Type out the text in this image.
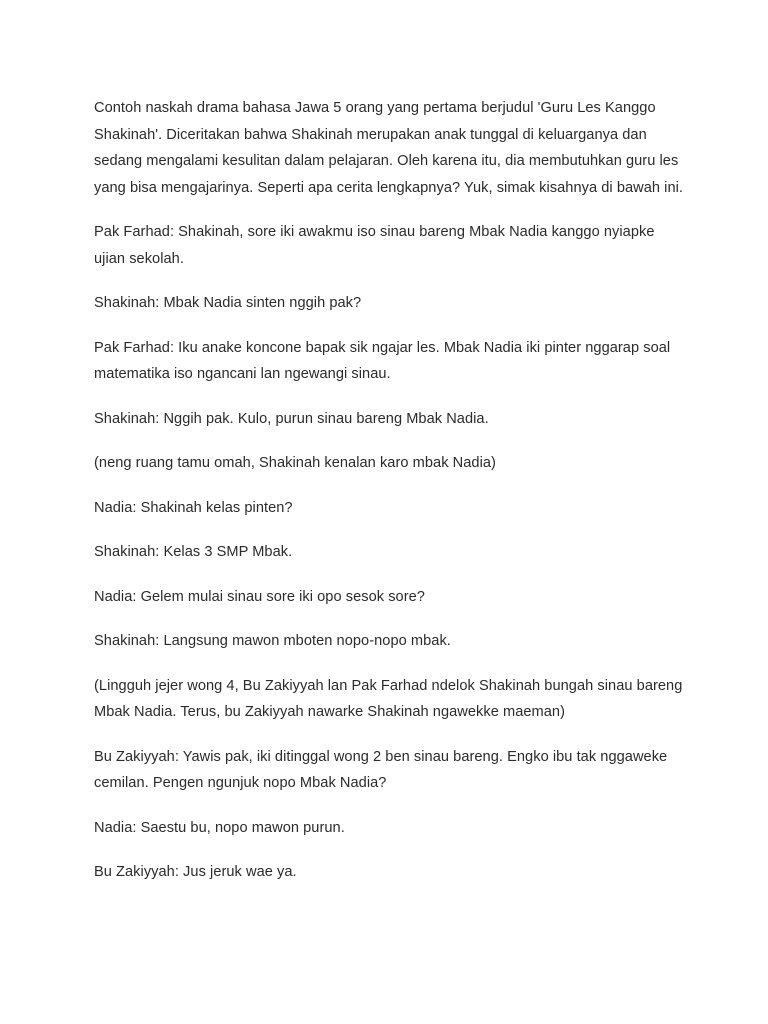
Contoh naskah drama bahasa Jawa 5 orang yang pertama berjudul 'Guru Les Kanggo Shakinah'. Diceritakan bahwa Shakinah merupakan anak tunggal di keluarganya dan sedang mengalami kesulitan dalam pelajaran. Oleh karena itu, dia membutuhkan guru les yang bisa mengajarinya. Seperti apa cerita lengkapnya? Yuk, simak kisahnya di bawah ini.

Pak Farhad: Shakinah, sore iki awakmu iso sinau bareng Mbak Nadia kanggo nyiapke ujian sekolah.

Shakinah: Mbak Nadia sinten nggih pak?

Pak Farhad: Iku anake koncone bapak sik ngajar les. Mbak Nadia iki pinter nggarap soal matematika iso ngancani lan ngewangi sinau.

Shakinah: Nggih pak. Kulo, purun sinau bareng Mbak Nadia.

(neng ruang tamu omah, Shakinah kenalan karo mbak Nadia)

Nadia: Shakinah kelas pinten?

Shakinah: Kelas 3 SMP Mbak.

Nadia: Gelem mulai sinau sore iki opo sesok sore?

Shakinah: Langsung mawon mboten nopo-nopo mbak.

(Lingguh jejer wong 4, Bu Zakiyyah lan Pak Farhad ndelok Shakinah bungah sinau bareng Mbak Nadia. Terus, bu Zakiyyah nawarke Shakinah ngawekke maeman)

Bu Zakiyyah: Yawis pak, iki ditinggal wong 2 ben sinau bareng. Engko ibu tak nggaweke cemilan. Pengen ngunjuk nopo Mbak Nadia?

Nadia: Saestu bu, nopo mawon purun.

Bu Zakiyyah: Jus jeruk wae ya.
